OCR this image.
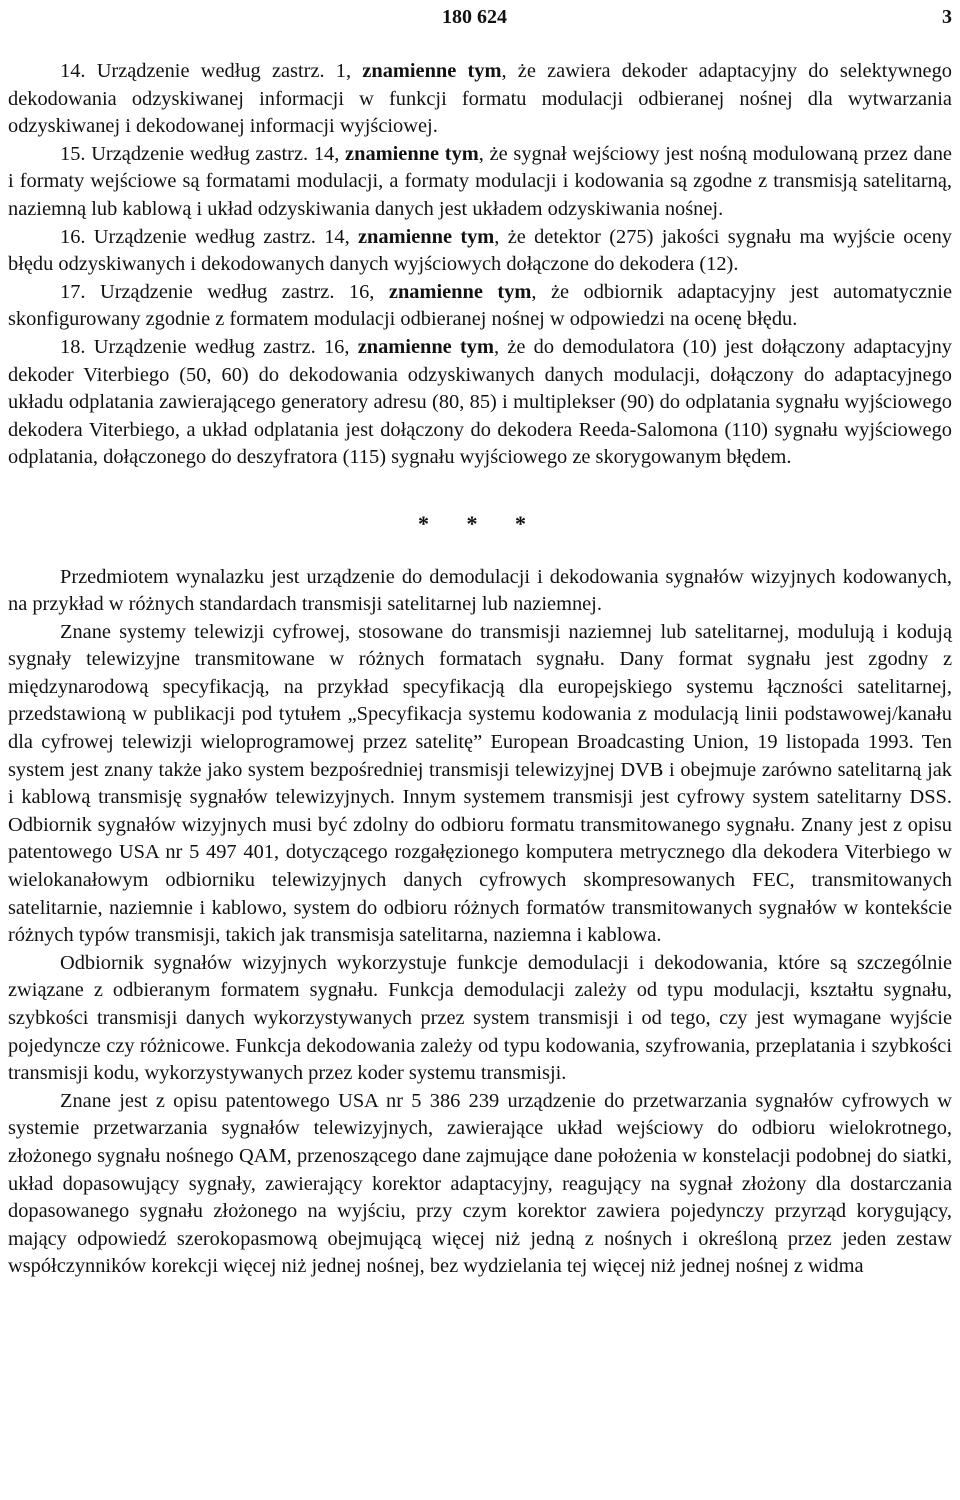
180 624	3

14. Urządzenie według zastrz. 1, znamienne tym, że zawiera dekoder adaptacyjny do selektywnego dekodowania odzyskiwanej informacji w funkcji formatu modulacji odbieranej nośnej dla wytwarzania odzyskiwanej i dekodowanej informacji wyjściowej.

15. Urządzenie według zastrz. 14, znamienne tym, że sygnał wejściowy jest nośną modulowaną przez dane i formaty wejściowe są formatami modulacji, a formaty modulacji i kodowania są zgodne z transmisją satelitarną, naziemną lub kablową i układ odzyskiwania danych jest układem odzyskiwania nośnej.

16. Urządzenie według zastrz. 14, znamienne tym, że detektor (275) jakości sygnału ma wyjście oceny błędu odzyskiwanych i dekodowanych danych wyjściowych dołączone do dekodera (12).

17. Urządzenie według zastrz. 16, znamienne tym, że odbiornik adaptacyjny jest automatycznie skonfigurowany zgodnie z formatem modulacji odbieranej nośnej w odpowiedzi na ocenę błędu.

18. Urządzenie według zastrz. 16, znamienne tym, że do demodulatora (10) jest dołączony adaptacyjny dekoder Viterbiego (50, 60) do dekodowania odzyskiwanych danych modulacji, dołączony do adaptacyjnego układu odplatania zawierającego generatory adresu (80, 85) i multiplekser (90) do odplatania sygnału wyjściowego dekodera Viterbiego, a układ odplatania jest dołączony do dekodera Reeda-Salomona (110) sygnału wyjściowego odplatania, dołączonego do deszyfratora (115) sygnału wyjściowego ze skorygowanym błędem.

* * *

Przedmiotem wynalazku jest urządzenie do demodulacji i dekodowania sygnałów wizyjnych kodowanych, na przykład w różnych standardach transmisji satelitarnej lub naziemnej.

Znane systemy telewizji cyfrowej, stosowane do transmisji naziemnej lub satelitarnej, modulują i kodują sygnały telewizyjne transmitowane w różnych formatach sygnału. Dany format sygnału jest zgodny z międzynarodową specyfikacją, na przykład specyfikacją dla europejskiego systemu łączności satelitarnej, przedstawioną w publikacji pod tytułem „Specyfikacja systemu kodowania z modulacją linii podstawowej/kanału dla cyfrowej telewizji wieloprogramowej przez satelitę” European Broadcasting Union, 19 listopada 1993. Ten system jest znany także jako system bezpośredniej transmisji telewizyjnej DVB i obejmuje zarówno satelitarną jak i kablową transmisję sygnałów telewizyjnych. Innym systemem transmisji jest cyfrowy system satelitarny DSS. Odbiornik sygnałów wizyjnych musi być zdolny do odbioru formatu transmitowanego sygnału. Znany jest z opisu patentowego USA nr 5 497 401, dotyczącego rozgałęzionego komputera metrycznego dla dekodera Viterbiego w wielokanałowym odbiorniku telewizyjnych danych cyfrowych skompresowanych FEC, transmitowanych satelitarnie, naziemnie i kablowo, system do odbioru różnych formatów transmitowanych sygnałów w kontekście różnych typów transmisji, takich jak transmisja satelitarna, naziemna i kablowa.

Odbiornik sygnałów wizyjnych wykorzystuje funkcje demodulacji i dekodowania, które są szczególnie związane z odbieranym formatem sygnału. Funkcja demodulacji zależy od typu modulacji, kształtu sygnału, szybkości transmisji danych wykorzystywanych przez system transmisji i od tego, czy jest wymagane wyjście pojedyncze czy różnicowe. Funkcja dekodowania zależy od typu kodowania, szyfrowania, przeplatania i szybkości transmisji kodu, wykorzystywanych przez koder systemu transmisji.

Znane jest z opisu patentowego USA nr 5 386 239 urządzenie do przetwarzania sygnałów cyfrowych w systemie przetwarzania sygnałów telewizyjnych, zawierające układ wejściowy do odbioru wielokrotnego, złożonego sygnału nośnego QAM, przenoszącego dane zajmujące dane położenia w konstelacji podobnej do siatki, układ dopasowujący sygnały, zawierający korektor adaptacyjny, reagujący na sygnał złożony dla dostarczania dopasowanego sygnału złożonego na wyjściu, przy czym korektor zawiera pojedynczy przyrząd korygujący, mający odpowiedź szerokopasmową obejmującą więcej niż jedną z nośnych i określoną przez jeden zestaw współczynników korekcji więcej niż jednej nośnej, bez wydzielania tej więcej niż jednej nośnej z widma
